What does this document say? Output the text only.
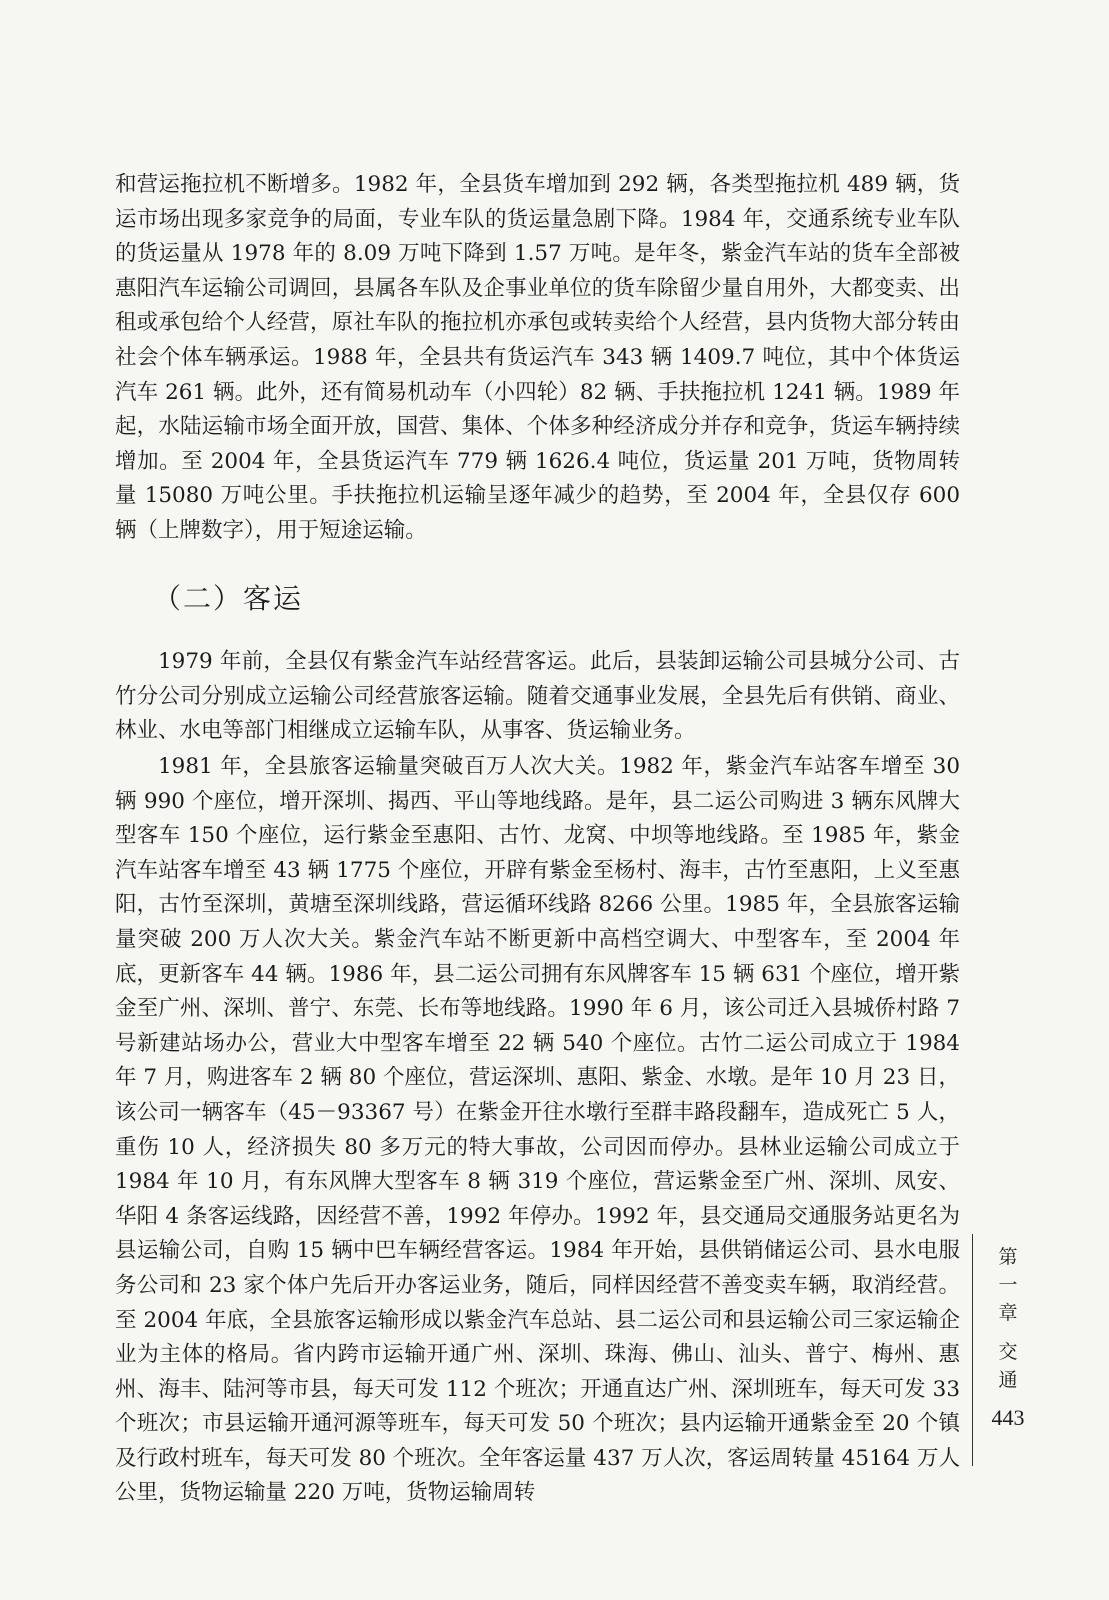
和营运拖拉机不断增多。1982 年，全县货车增加到 292 辆，各类型拖拉机 489 辆，货运市场出现多家竞争的局面，专业车队的货运量急剧下降。1984 年，交通系统专业车队的货运量从 1978 年的 8.09 万吨下降到 1.57 万吨。是年冬，紫金汽车站的货车全部被惠阳汽车运输公司调回，县属各车队及企事业单位的货车除留少量自用外，大都变卖、出租或承包给个人经营，原社车队的拖拉机亦承包或转卖给个人经营，县内货物大部分转由社会个体车辆承运。1988 年，全县共有货运汽车 343 辆 1409.7 吨位，其中个体货运汽车 261 辆。此外，还有简易机动车（小四轮）82 辆、手扶拖拉机 1241 辆。1989 年起，水陆运输市场全面开放，国营、集体、个体多种经济成分并存和竞争，货运车辆持续增加。至 2004 年，全县货运汽车 779 辆 1626.4 吨位，货运量 201 万吨，货物周转量 15080 万吨公里。手扶拖拉机运输呈逐年减少的趋势，至 2004 年，全县仅存 600 辆（上牌数字），用于短途运输。

（二）客运

1979 年前，全县仅有紫金汽车站经营客运。此后，县装卸运输公司县城分公司、古竹分公司分别成立运输公司经营旅客运输。随着交通事业发展，全县先后有供销、商业、林业、水电等部门相继成立运输车队，从事客、货运输业务。

1981 年，全县旅客运输量突破百万人次大关。1982 年，紫金汽车站客车增至 30 辆 990 个座位，增开深圳、揭西、平山等地线路。是年，县二运公司购进 3 辆东风牌大型客车 150 个座位，运行紫金至惠阳、古竹、龙窝、中坝等地线路。至 1985 年，紫金汽车站客车增至 43 辆 1775 个座位，开辟有紫金至杨村、海丰，古竹至惠阳，上义至惠阳，古竹至深圳，黄塘至深圳线路，营运循环线路 8266 公里。1985 年，全县旅客运输量突破 200 万人次大关。紫金汽车站不断更新中高档空调大、中型客车，至 2004 年底，更新客车 44 辆。1986 年，县二运公司拥有东风牌客车 15 辆 631 个座位，增开紫金至广州、深圳、普宁、东莞、长布等地线路。1990 年 6 月，该公司迁入县城侨村路 7 号新建站场办公，营业大中型客车增至 22 辆 540 个座位。古竹二运公司成立于 1984 年 7 月，购进客车 2 辆 80 个座位，营运深圳、惠阳、紫金、水墩。是年 10 月 23 日，该公司一辆客车（45－93367 号）在紫金开往水墩行至群丰路段翻车，造成死亡 5 人，重伤 10 人，经济损失 80 多万元的特大事故，公司因而停办。县林业运输公司成立于 1984 年 10 月，有东风牌大型客车 8 辆 319 个座位，营运紫金至广州、深圳、凤安、华阳 4 条客运线路，因经营不善，1992 年停办。1992 年，县交通局交通服务站更名为县运输公司，自购 15 辆中巴车辆经营客运。1984 年开始，县供销储运公司、县水电服务公司和 23 家个体户先后开办客运业务，随后，同样因经营不善变卖车辆，取消经营。至 2004 年底，全县旅客运输形成以紫金汽车总站、县二运公司和县运输公司三家运输企业为主体的格局。省内跨市运输开通广州、深圳、珠海、佛山、汕头、普宁、梅州、惠州、海丰、陆河等市县，每天可发 112 个班次；开通直达广州、深圳班车，每天可发 33 个班次；市县运输开通河源等班车，每天可发 50 个班次；县内运输开通紫金至 20 个镇及行政村班车，每天可发 80 个班次。全年客运量 437 万人次，客运周转量 45164 万人公里，货物运输量 220 万吨，货物运输周转

第
一
章
交
通
443
